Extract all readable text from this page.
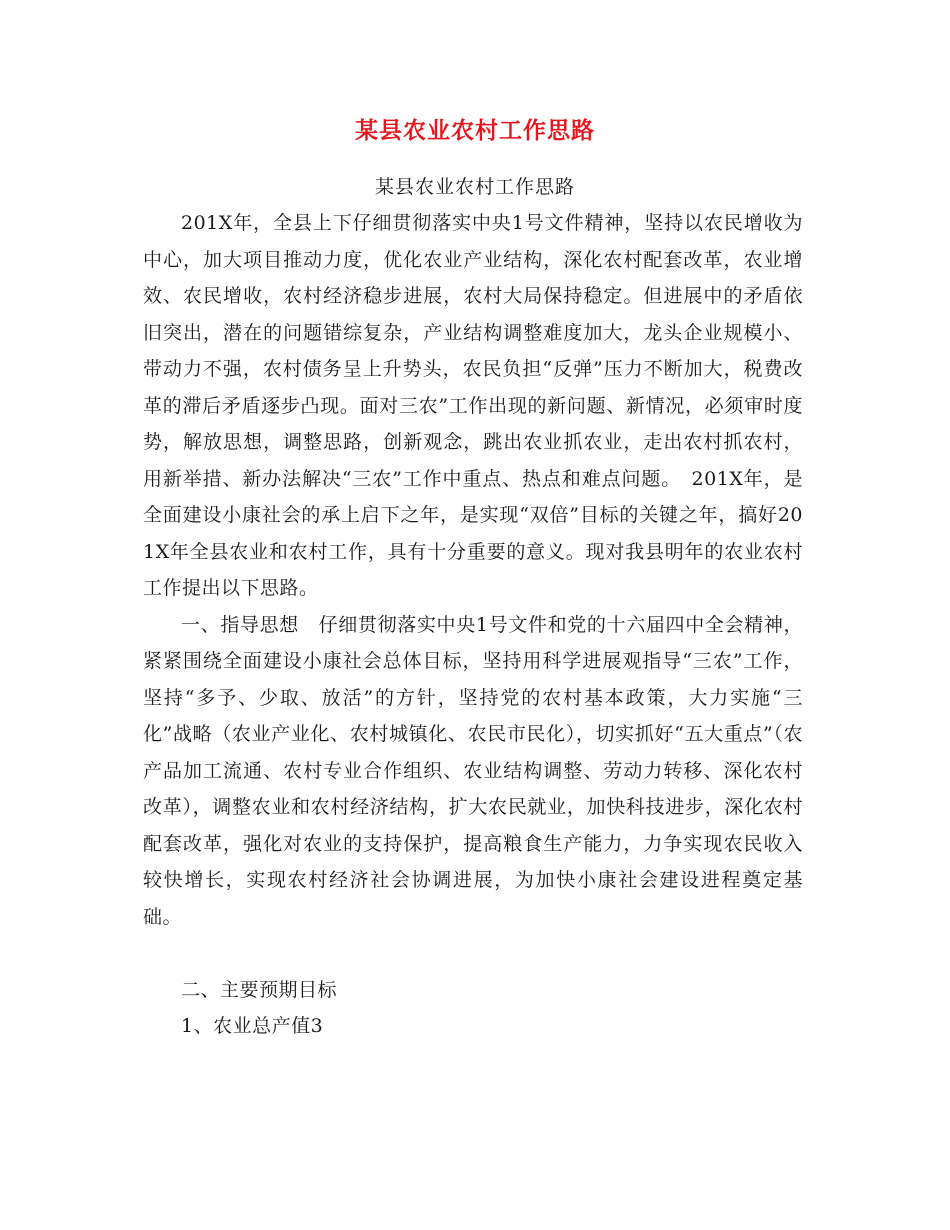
某县农业农村工作思路
某县农业农村工作思路

201X年，全县上下仔细贯彻落实中央1号文件精神，坚持以农民增收为中心，加大项目推动力度，优化农业产业结构，深化农村配套改革，农业增效、农民增收，农村经济稳步进展，农村大局保持稳定。但进展中的矛盾依旧突出，潜在的问题错综复杂，产业结构调整难度加大，龙头企业规模小、带动力不强，农村债务呈上升势头，农民负担“反弹”压力不断加大，税费改革的滞后矛盾逐步凸现。面对三农”工作出现的新问题、新情况，必须审时度势，解放思想，调整思路，创新观念，跳出农业抓农业，走出农村抓农村，用新举措、新办法解决“三农”工作中重点、热点和难点问题。　201X年，是全面建设小康社会的承上启下之年，是实现“双倍”目标的关键之年，搞好201X年全县农业和农村工作，具有十分重要的意义。现对我县明年的农业农村工作提出以下思路。

一、指导思想　仔细贯彻落实中央1号文件和党的十六届四中全会精神，紧紧围绕全面建设小康社会总体目标，坚持用科学进展观指导“三农”工作，坚持“多予、少取、放活”的方针，坚持党的农村基本政策，大力实施“三化”战略（农业产业化、农村城镇化、农民市民化），切实抓好“五大重点”（农产品加工流通、农村专业合作组织、农业结构调整、劳动力转移、深化农村改革），调整农业和农村经济结构，扩大农民就业，加快科技进步，深化农村配套改革，强化对农业的支持保护，提高粮食生产能力，力争实现农民收入较快增长，实现农村经济社会协调进展，为加快小康社会建设进程奠定基础。

二、主要预期目标

1、农业总产值3
